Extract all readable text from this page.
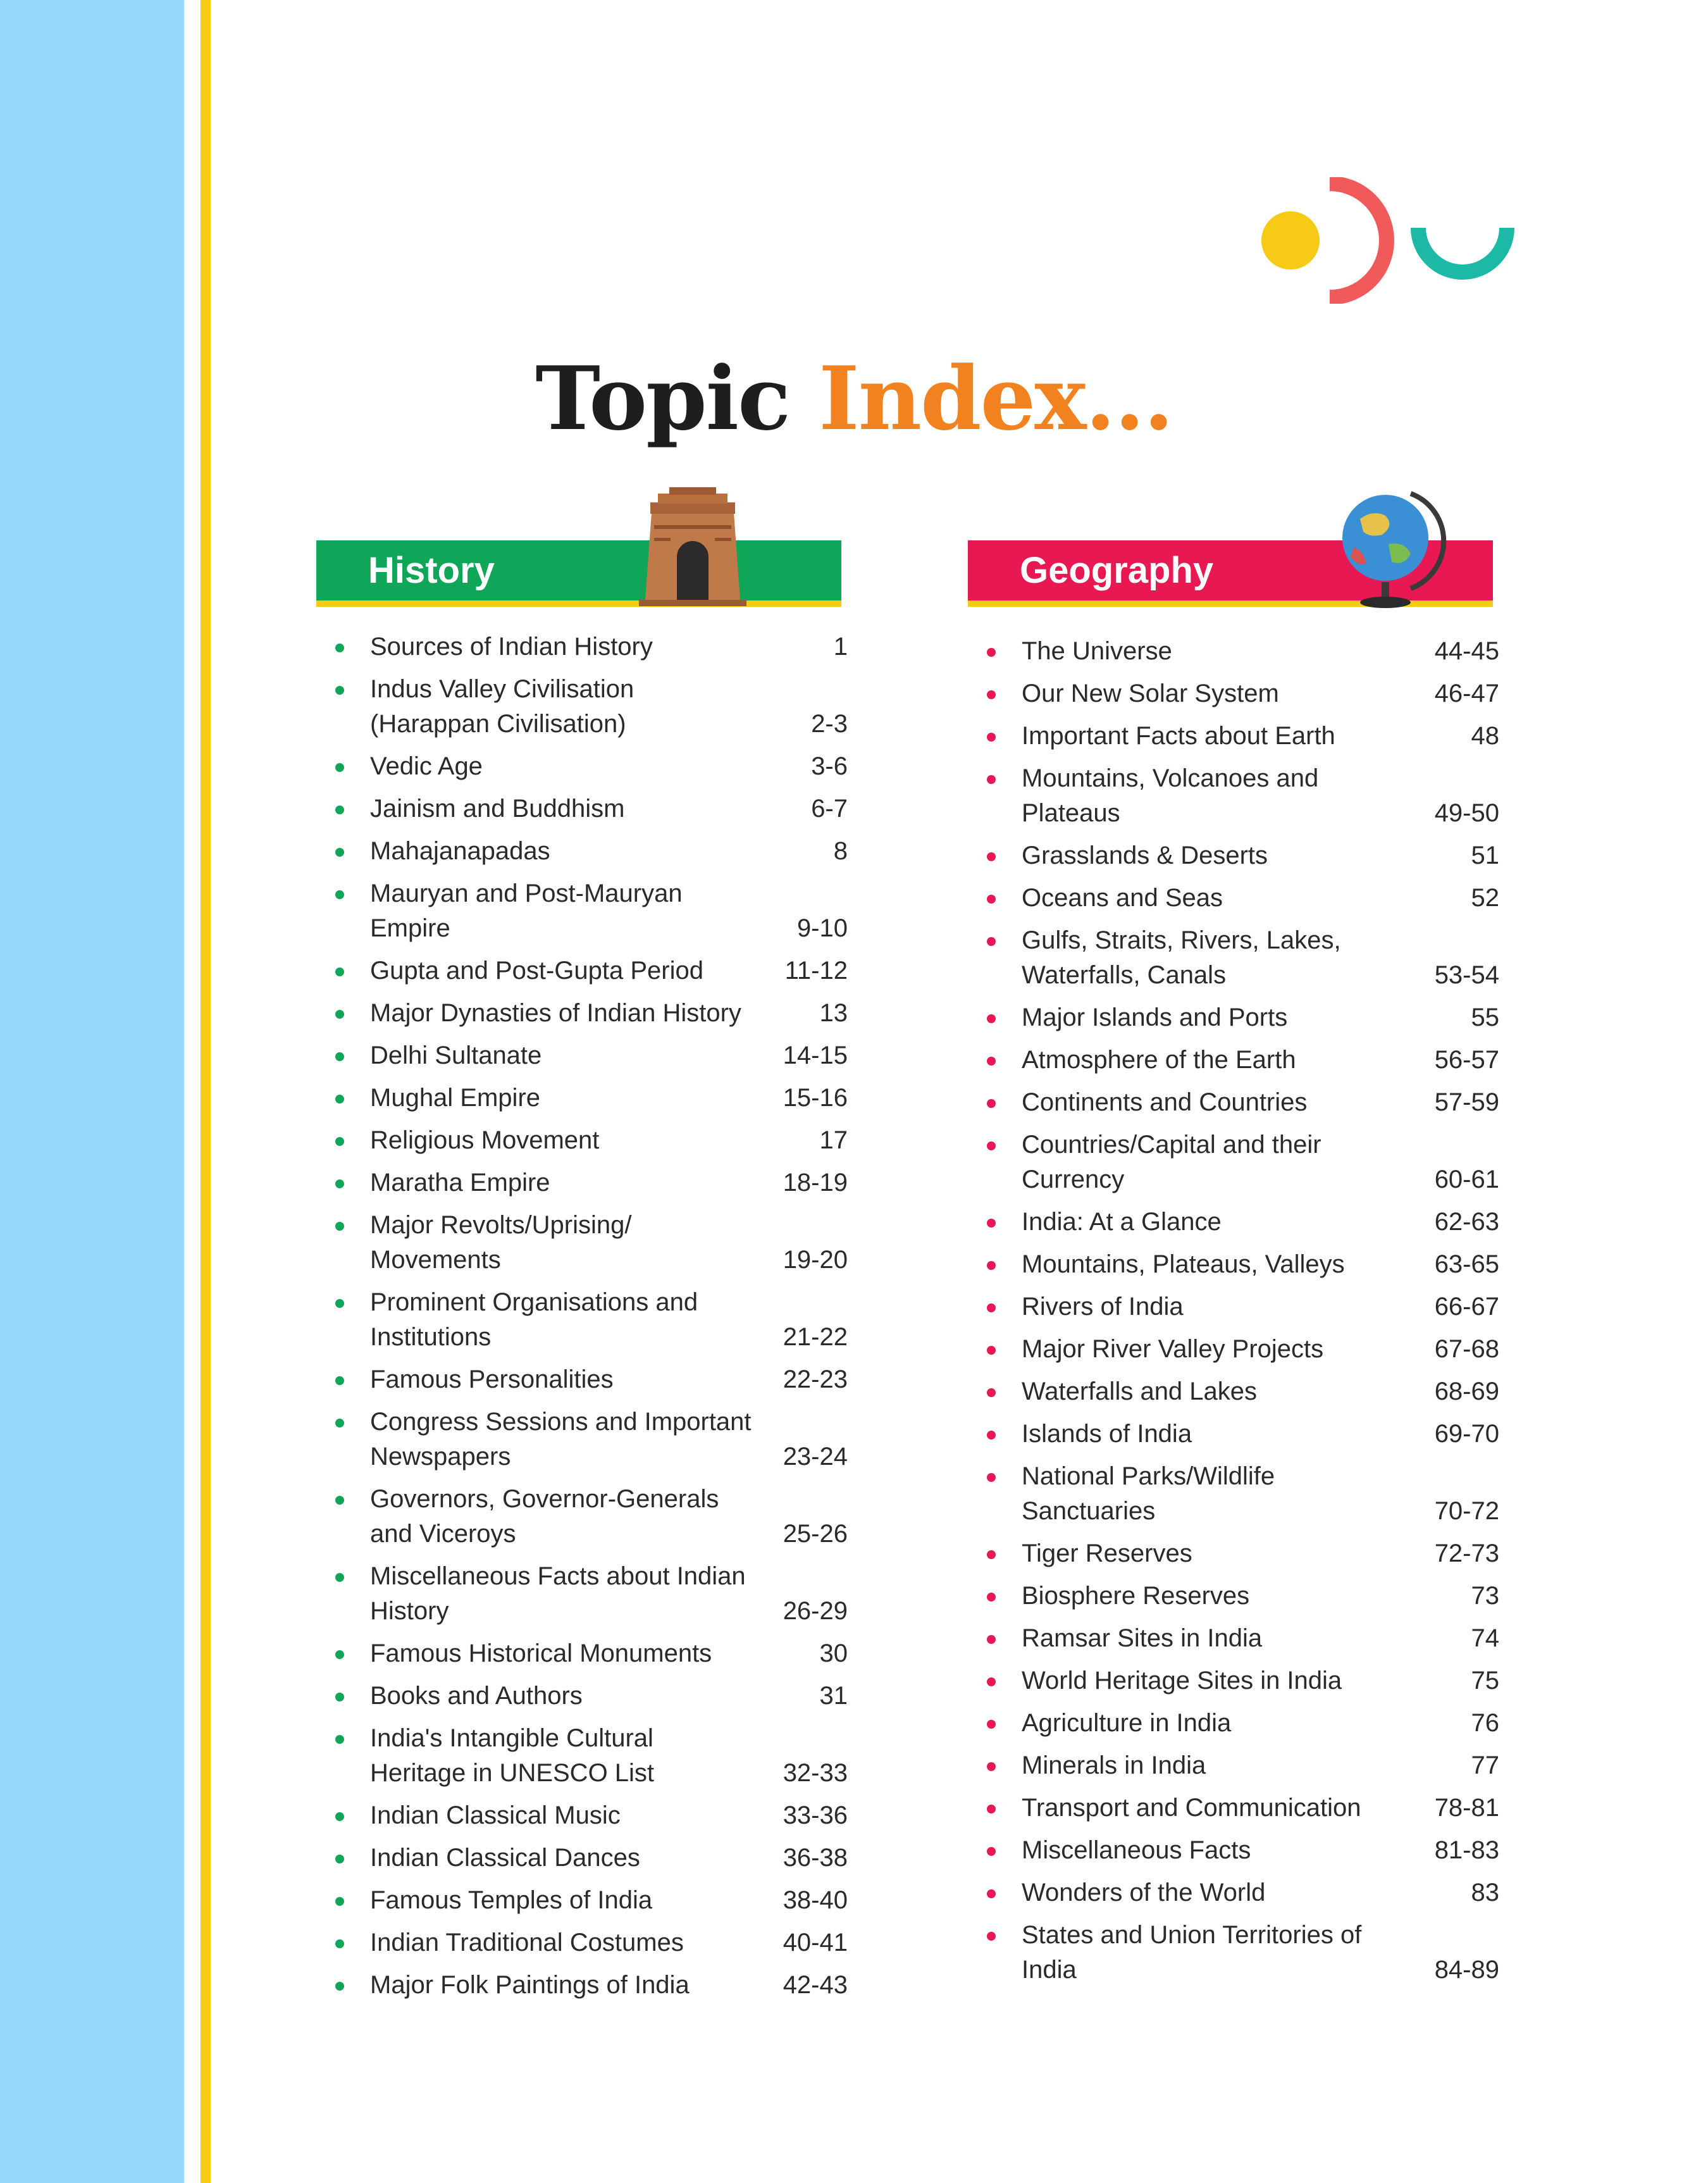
Topic Index...
History
Sources of Indian History	1
Indus Valley Civilisation (Harappan Civilisation)	2-3
Vedic Age	3-6
Jainism and Buddhism	6-7
Mahajanapadas	8
Mauryan and Post-Mauryan Empire	9-10
Gupta and Post-Gupta Period	11-12
Major Dynasties of Indian History	13
Delhi Sultanate	14-15
Mughal Empire	15-16
Religious Movement	17
Maratha Empire	18-19
Major Revolts/Uprising/ Movements	19-20
Prominent Organisations and Institutions	21-22
Famous Personalities	22-23
Congress Sessions and Important Newspapers	23-24
Governors, Governor-Generals and Viceroys	25-26
Miscellaneous Facts about Indian History	26-29
Famous Historical Monuments	30
Books and Authors	31
India's Intangible Cultural Heritage in UNESCO List	32-33
Indian Classical Music	33-36
Indian Classical Dances	36-38
Famous Temples of India	38-40
Indian Traditional Costumes	40-41
Major Folk Paintings of India	42-43
Geography
The Universe	44-45
Our New Solar System	46-47
Important Facts about Earth	48
Mountains, Volcanoes and Plateaus	49-50
Grasslands & Deserts	51
Oceans and Seas	52
Gulfs, Straits, Rivers, Lakes, Waterfalls, Canals	53-54
Major Islands and Ports	55
Atmosphere of the Earth	56-57
Continents and Countries	57-59
Countries/Capital and their Currency	60-61
India: At a Glance	62-63
Mountains, Plateaus, Valleys	63-65
Rivers of India	66-67
Major River Valley Projects	67-68
Waterfalls and Lakes	68-69
Islands of India	69-70
National Parks/Wildlife Sanctuaries	70-72
Tiger Reserves	72-73
Biosphere Reserves	73
Ramsar Sites in India	74
World Heritage Sites in India	75
Agriculture in India	76
Minerals in India	77
Transport and Communication	78-81
Miscellaneous Facts	81-83
Wonders of the World	83
States and Union Territories of India	84-89
